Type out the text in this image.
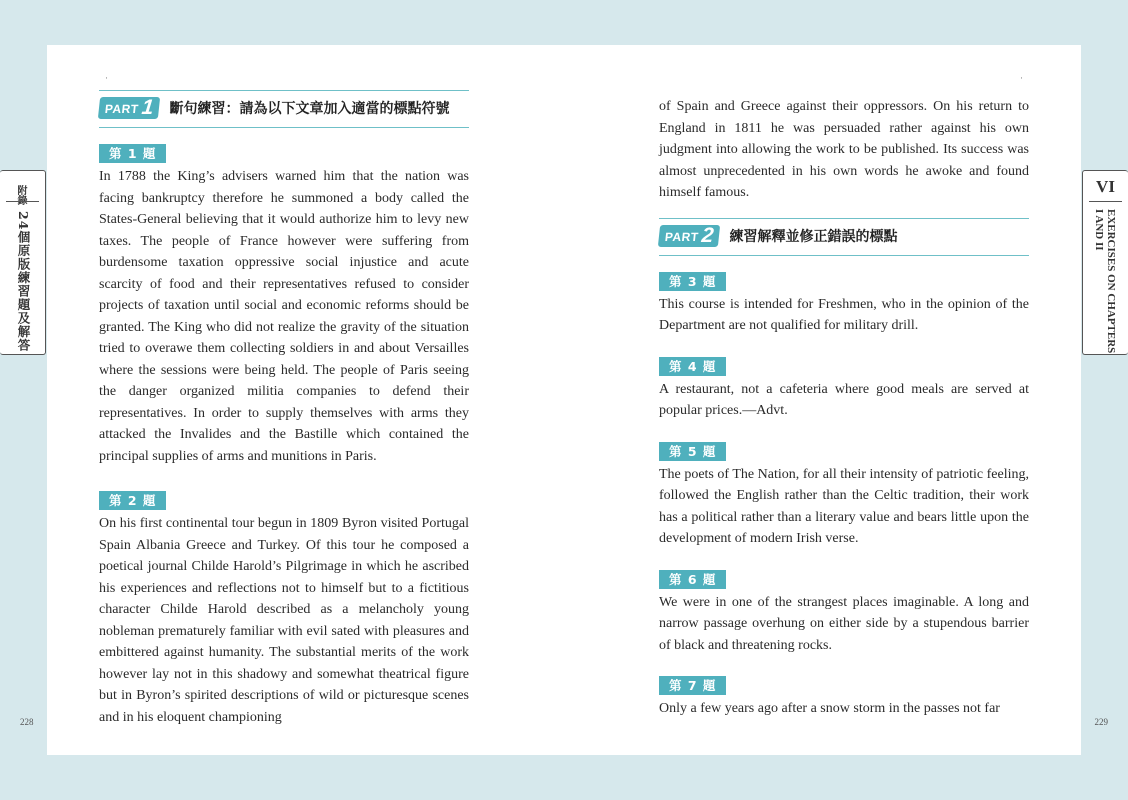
附錄
24個原版練習題及解答
VI
EXERCISES ON CHAPTERS I AND II
·
PART 1 斷句練習：請為以下文章加入適當的標點符號
第 1 題

In 1788 the King’s advisers warned him that the nation was facing bankruptcy therefore he summoned a body called the States-General believing that it would authorize him to levy new taxes. The people of France however were suffering from burdensome taxation oppressive social injustice and acute scarcity of food and their representatives refused to consider projects of taxation until social and economic reforms should be granted. The King who did not realize the gravity of the situation tried to overawe them collecting soldiers in and about Versailles where the sessions were being held. The people of Paris seeing the danger organized militia companies to defend their representatives. In order to supply themselves with arms they attacked the Invalides and the Bastille which contained the principal supplies of arms and munitions in Paris.

第 2 題

On his first continental tour begun in 1809 Byron visited Portugal Spain Albania Greece and Turkey. Of this tour he composed a poetical journal Childe Harold’s Pilgrimage in which he ascribed his experiences and reflections not to himself but to a fictitious character Childe Harold described as a melancholy young nobleman prematurely familiar with evil sated with pleasures and embittered against humanity. The substantial merits of the work however lay not in this shadowy and somewhat theatrical figure but in Byron’s spirited descriptions of wild or picturesque scenes and in his eloquent championing

228
·

of Spain and Greece against their oppressors. On his return to England in 1811 he was persuaded rather against his own judgment into allowing the work to be published. Its success was almost unprecedented in his own words he awoke and found himself famous.

PART 2 練習解釋並修正錯誤的標點
第 3 題

This course is intended for Freshmen, who in the opinion of the Department are not qualified for military drill.

第 4 題

A restaurant, not a cafeteria where good meals are served at popular prices.—Advt.

第 5 題

The poets of The Nation, for all their intensity of patriotic feeling, followed the English rather than the Celtic tradition, their work has a political rather than a literary value and bears little upon the development of modern Irish verse.

第 6 題

We were in one of the strangest places imaginable. A long and narrow passage overhung on either side by a stupendous barrier of black and threatening rocks.

第 7 題

Only a few years ago after a snow storm in the passes not far

229
